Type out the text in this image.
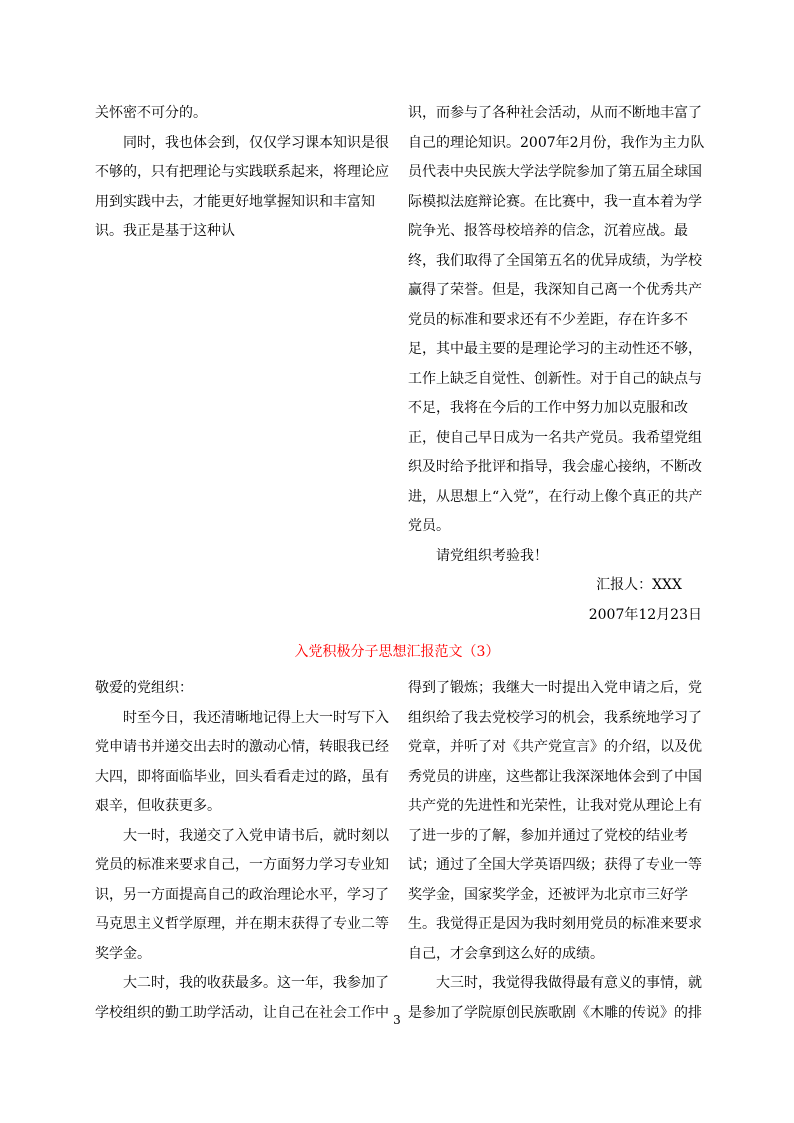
关怀密不可分的。

同时，我也体会到，仅仅学习课本知识是很不够的，只有把理论与实践联系起来，将理论应用到实践中去，才能更好地掌握知识和丰富知识。我正是基于这种认

识，而参与了各种社会活动，从而不断地丰富了自己的理论知识。2007年2月份，我作为主力队员代表中央民族大学法学院参加了第五届全球国际模拟法庭辩论赛。在比赛中，我一直本着为学院争光、报答母校培养的信念，沉着应战。最终，我们取得了全国第五名的优异成绩，为学校赢得了荣誉。但是，我深知自己离一个优秀共产党员的标准和要求还有不少差距，存在许多不足，其中最主要的是理论学习的主动性还不够，工作上缺乏自觉性、创新性。对于自己的缺点与不足，我将在今后的工作中努力加以克服和改正，使自己早日成为一名共产党员。我希望党组织及时给予批评和指导，我会虚心接纳，不断改进，从思想上“入党”，在行动上像个真正的共产党员。

请党组织考验我！

汇报人：XXX

2007年12月23日

入党积极分子思想汇报范文（3）

敬爱的党组织：

时至今日，我还清晰地记得上大一时写下入党申请书并递交出去时的激动心情，转眼我已经大四，即将面临毕业，回头看看走过的路，虽有艰辛，但收获更多。

大一时，我递交了入党申请书后，就时刻以党员的标准来要求自己，一方面努力学习专业知识，另一方面提高自己的政治理论水平，学习了马克思主义哲学原理，并在期末获得了专业二等奖学金。

大二时，我的收获最多。这一年，我参加了学校组织的勤工助学活动，让自己在社会工作中

得到了锻炼；我继大一时提出入党申请之后，党组织给了我去党校学习的机会，我系统地学习了党章，并听了对《共产党宣言》的介绍，以及优秀党员的讲座，这些都让我深深地体会到了中国共产党的先进性和光荣性，让我对党从理论上有了进一步的了解，参加并通过了党校的结业考试；通过了全国大学英语四级；获得了专业一等奖学金，国家奖学金，还被评为北京市三好学生。我觉得正是因为我时刻用党员的标准来要求自己，才会拿到这么好的成绩。

大三时，我觉得我做得最有意义的事情，就是参加了学院原创民族歌剧《木雕的传说》的排

3
